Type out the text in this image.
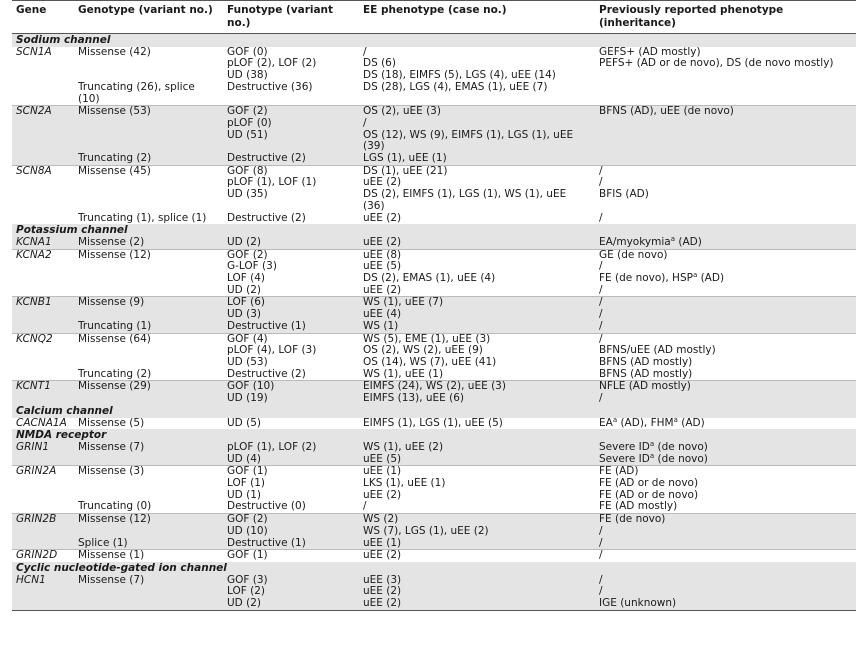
Gene	Genotype (variant no.)	Funotype (variant no.)	EE phenotype (case no.)	Previously reported phenotype (inheritance)
Sodium channel				
SCN1A	Missense (42)	GOF (0)	/	GEFS+ (AD mostly)
		pLOF (2), LOF (2)	DS (6)	PEFS+ (AD or de novo), DS (de novo mostly)
		UD (38)	DS (18), EIMFS (5), LGS (4), uEE (14)	
	Truncating (26), splice (10)	Destructive (36)	DS (28), LGS (4), EMAS (1), uEE (7)	
SCN2A	Missense (53)	GOF (2)	OS (2), uEE (3)	BFNS (AD), uEE (de novo)
		pLOF (0)	/	
		UD (51)	OS (12), WS (9), EIMFS (1), LGS (1), uEE (39)	
	Truncating (2)	Destructive (2)	LGS (1), uEE (1)	
SCN8A	Missense (45)	GOF (8)	DS (1), uEE (21)	/
		pLOF (1), LOF (1)	uEE (2)	/
		UD (35)	DS (2), EIMFS (1), LGS (1), WS (1), uEE (36)	BFIS (AD)
	Truncating (1), splice (1)	Destructive (2)	uEE (2)	/
Potassium channel				
KCNA1	Missense (2)	UD (2)	uEE (2)	EA/myokymia$^a$ (AD)
KCNA2	Missense (12)	GOF (2)	uEE (8)	GE (de novo)
		G-LOF (3)	uEE (5)	/
		LOF (4)	DS (2), EMAS (1), uEE (4)	FE (de novo), HSP$^a$ (AD)
		UD (2)	uEE (2)	/
KCNB1	Missense (9)	LOF (6)	WS (1), uEE (7)	/
		UD (3)	uEE (4)	/
	Truncating (1)	Destructive (1)	WS (1)	/
KCNQ2	Missense (64)	GOF (4)	WS (5), EME (1), uEE (3)	/
		pLOF (4), LOF (3)	OS (2), WS (2), uEE (9)	BFNS/uEE (AD mostly)
		UD (53)	OS (14), WS (7), uEE (41)	BFNS (AD mostly)
	Truncating (2)	Destructive (2)	WS (1), uEE (1)	BFNS (AD mostly)
KCNT1	Missense (29)	GOF (10)	EIMFS (24), WS (2), uEE (3)	NFLE (AD mostly)
		UD (19)	EIMFS (13), uEE (6)	/
Calcium channel				
CACNA1A	Missense (5)	UD (5)	EIMFS (1), LGS (1), uEE (5)	$EA^a$ (AD), FHM$^a$ (AD)
NMDA receptor				
GRIN1	Missense (7)	pLOF (1), LOF (2)	WS (1), uEE (2)	Severe $ID^a$ (de novo)
		UD (4)	uEE (5)	Severe $ID^a$ (de novo)
GRIN2A	Missense (3)	GOF (1)	uEE (1)	FE (AD)
		LOF (1)	LKS (1), uEE (1)	FE (AD or de novo)
		UD (1)	uEE (2)	FE (AD or de novo)
	Truncating (0)	Destructive (0)	/	FE (AD mostly)
GRIN2B	Missense (12)	GOF (2)	WS (2)	FE (de novo)
		UD (10)	WS (7), LGS (1), uEE (2)	/
	Splice (1)	Destructive (1)	uEE (1)	/
GRIN2D	Missense (1)	GOF (1)	uEE (2)	/
Cyclic nucleotide-gated ion channel				
HCN1	Missense (7)	GOF (3)	uEE (3)	/
		LOF (2)	uEE (2)	/
		UD (2)	uEE (2)	IGE (unknown)
